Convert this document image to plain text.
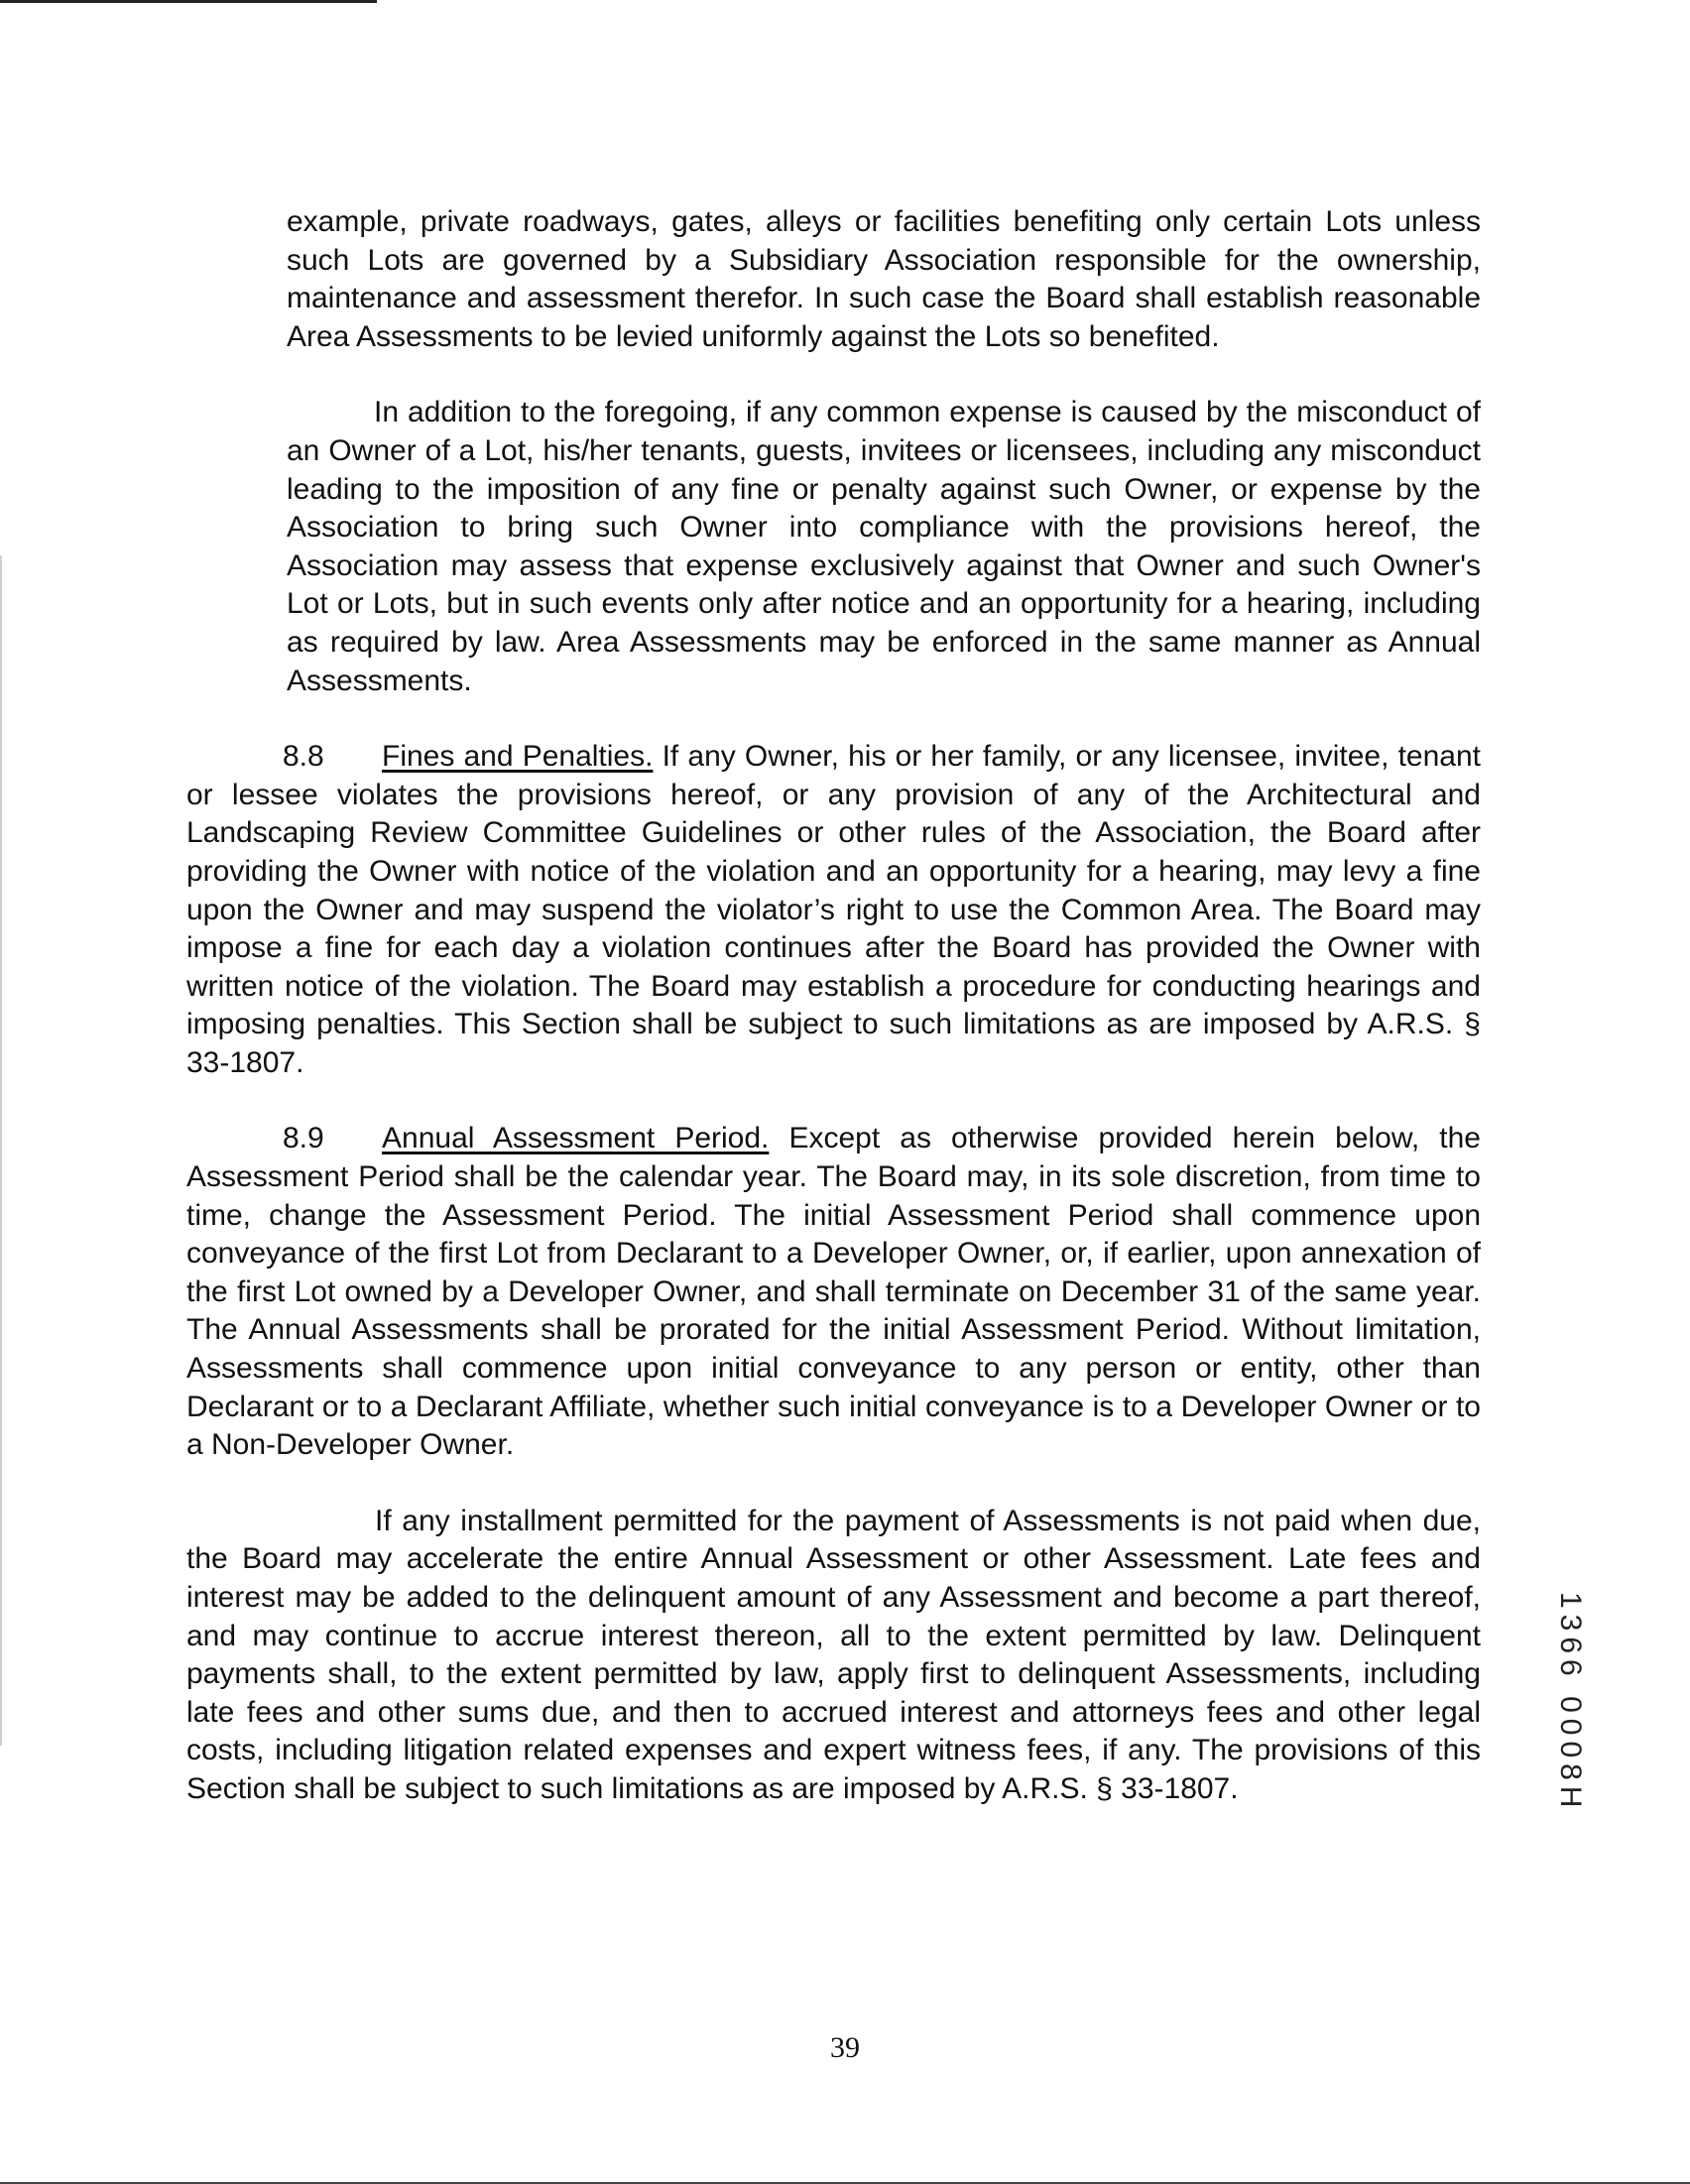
example, private roadways, gates, alleys or facilities benefiting only certain Lots unless such Lots are governed by a Subsidiary Association responsible for the ownership, maintenance and assessment therefor. In such case the Board shall establish reasonable Area Assessments to be levied uniformly against the Lots so benefited.

In addition to the foregoing, if any common expense is caused by the misconduct of an Owner of a Lot, his/her tenants, guests, invitees or licensees, including any misconduct leading to the imposition of any fine or penalty against such Owner, or expense by the Association to bring such Owner into compliance with the provisions hereof, the Association may assess that expense exclusively against that Owner and such Owner's Lot or Lots, but in such events only after notice and an opportunity for a hearing, including as required by law. Area Assessments may be enforced in the same manner as Annual Assessments.

8.8 Fines and Penalties. If any Owner, his or her family, or any licensee, invitee, tenant or lessee violates the provisions hereof, or any provision of any of the Architectural and Landscaping Review Committee Guidelines or other rules of the Association, the Board after providing the Owner with notice of the violation and an opportunity for a hearing, may levy a fine upon the Owner and may suspend the violator’s right to use the Common Area. The Board may impose a fine for each day a violation continues after the Board has provided the Owner with written notice of the violation. The Board may establish a procedure for conducting hearings and imposing penalties. This Section shall be subject to such limitations as are imposed by A.R.S. § 33-1807.

8.9 Annual Assessment Period. Except as otherwise provided herein below, the Assessment Period shall be the calendar year. The Board may, in its sole discretion, from time to time, change the Assessment Period. The initial Assessment Period shall commence upon conveyance of the first Lot from Declarant to a Developer Owner, or, if earlier, upon annexation of the first Lot owned by a Developer Owner, and shall terminate on December 31 of the same year. The Annual Assessments shall be prorated for the initial Assessment Period. Without limitation, Assessments shall commence upon initial conveyance to any person or entity, other than Declarant or to a Declarant Affiliate, whether such initial conveyance is to a Developer Owner or to a Non-Developer Owner.

If any installment permitted for the payment of Assessments is not paid when due, the Board may accelerate the entire Annual Assessment or other Assessment. Late fees and interest may be added to the delinquent amount of any Assessment and become a part thereof, and may continue to accrue interest thereon, all to the extent permitted by law. Delinquent payments shall, to the extent permitted by law, apply first to delinquent Assessments, including late fees and other sums due, and then to accrued interest and attorneys fees and other legal costs, including litigation related expenses and expert witness fees, if any. The provisions of this Section shall be subject to such limitations as are imposed by A.R.S. § 33-1807.

39
1366 0008H
